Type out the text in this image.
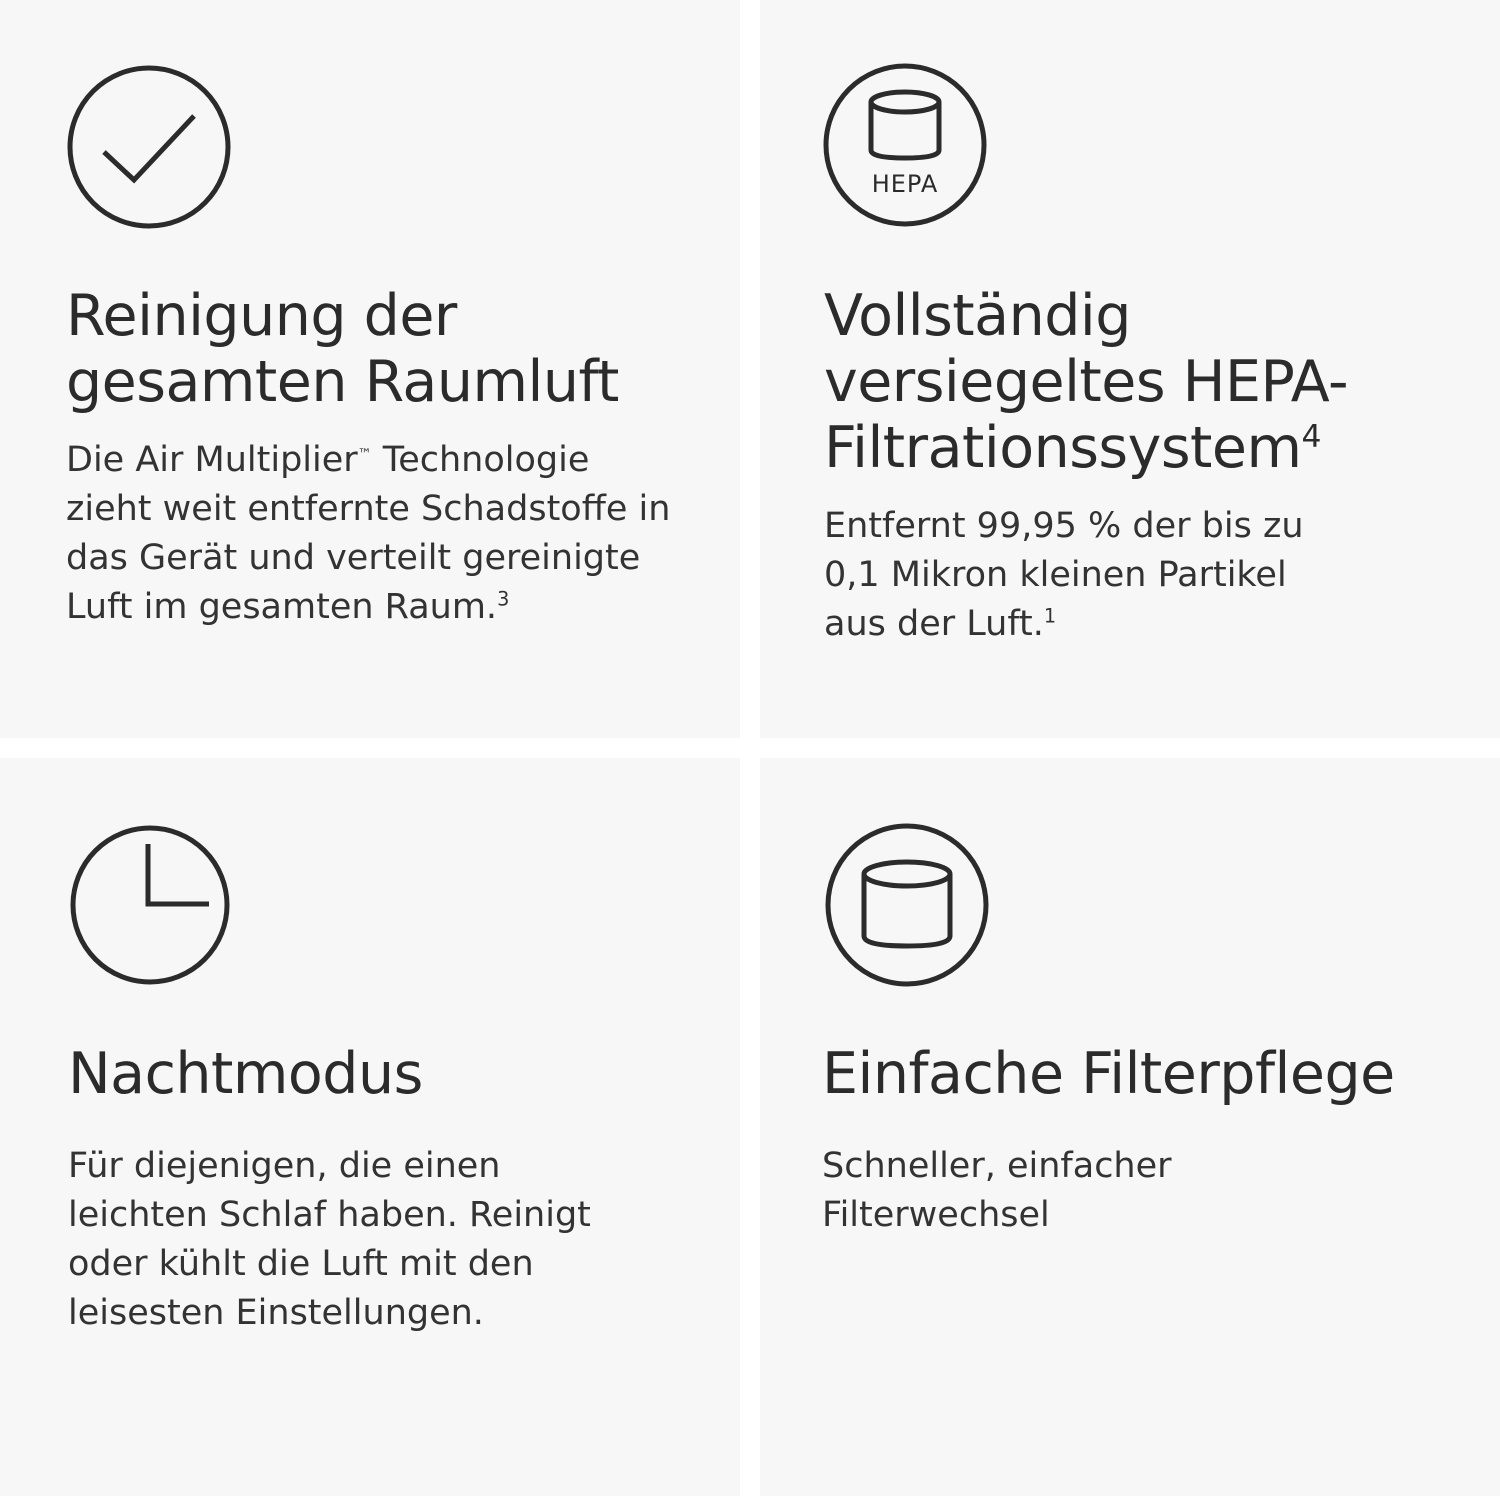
Reinigung der
gesamten Raumluft

Die Air Multiplier™ Technologie
zieht weit entfernte Schadstoffe in
das Gerät und verteilt gereinigte
Luft im gesamten Raum.$^3$

HEPA
Vollständig
versiegeltes HEPA-
Filtrationssystem$^4$

Entfernt 99,95 % der bis zu
0,1 Mikron kleinen Partikel
aus der Luft.$^1$

Nachtmodus

Für diejenigen, die einen
leichten Schlaf haben. Reinigt
oder kühlt die Luft mit den
leisesten Einstellungen.

Einfache Filterpflege

Schneller, einfacher
Filterwechsel
